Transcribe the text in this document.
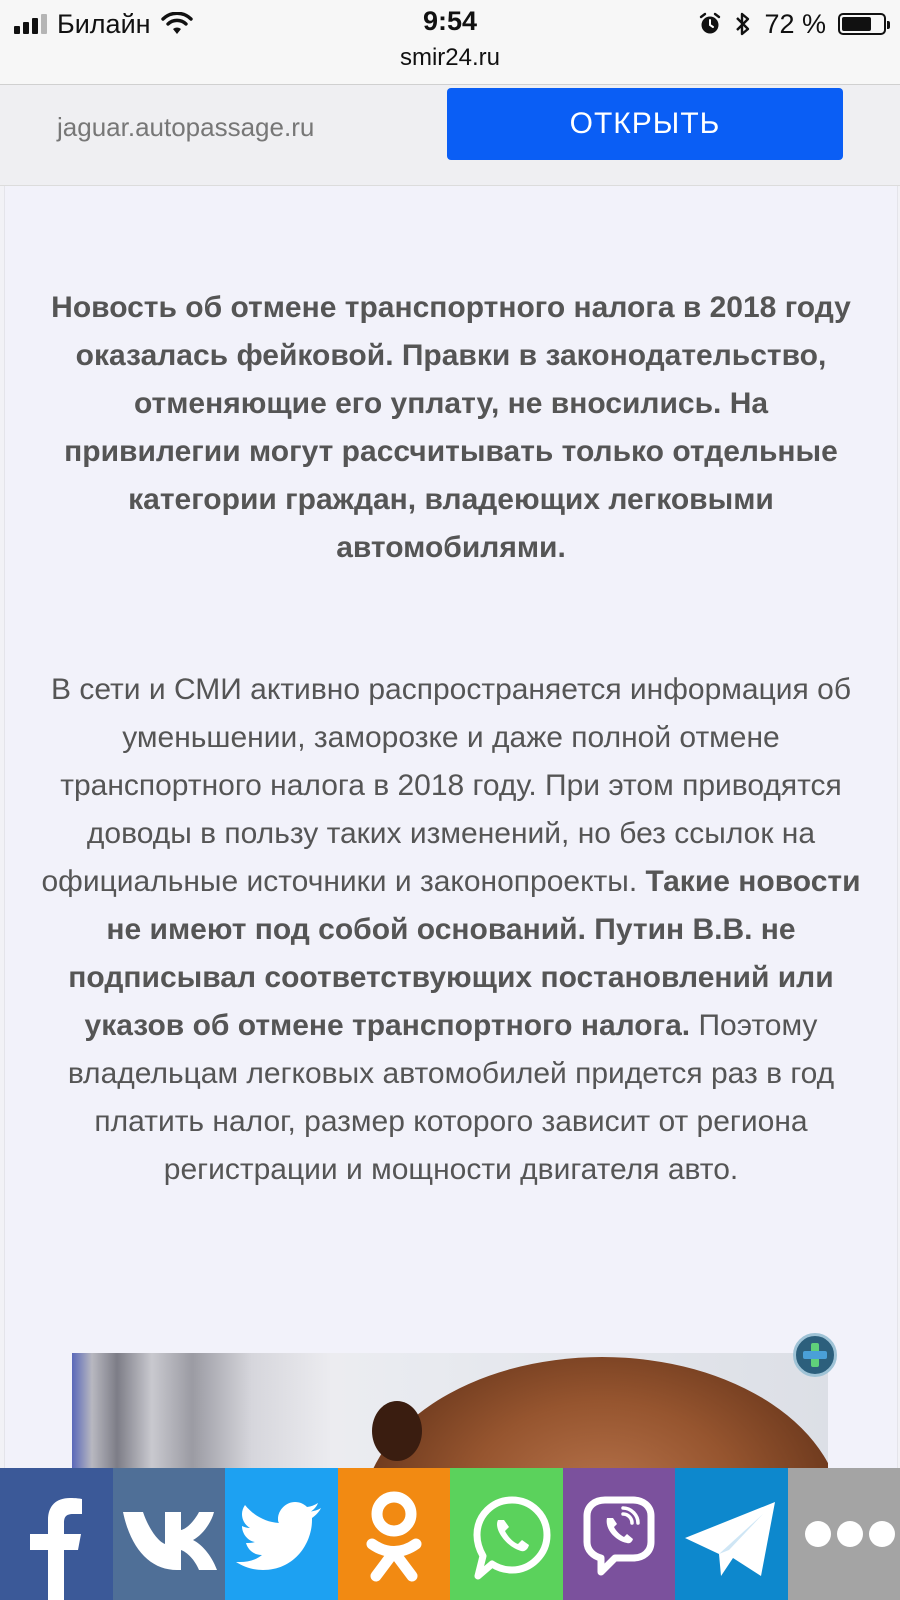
Билайн	9:54
smir24.ru
72 %
jaguar.autopassage.ru	ОТКРЫТЬ

Новость об отмене транспортного налога в 2018 году оказалась фейковой. Правки в законодательство, отменяющие его уплату, не вносились. На привилегии могут рассчитывать только отдельные категории граждан, владеющих легковыми автомобилями.

В сети и СМИ активно распространяется информация об уменьшении, заморозке и даже полной отмене транспортного налога в 2018 году. При этом приводятся доводы в пользу таких изменений, но без ссылок на официальные источники и законопроекты. Такие новости не имеют под собой оснований. Путин В.В. не подписывал соответствующих постановлений или указов об отмене транспортного налога. Поэтому владельцам легковых автомобилей придется раз в год платить налог, размер которого зависит от региона регистрации и мощности двигателя авто.
